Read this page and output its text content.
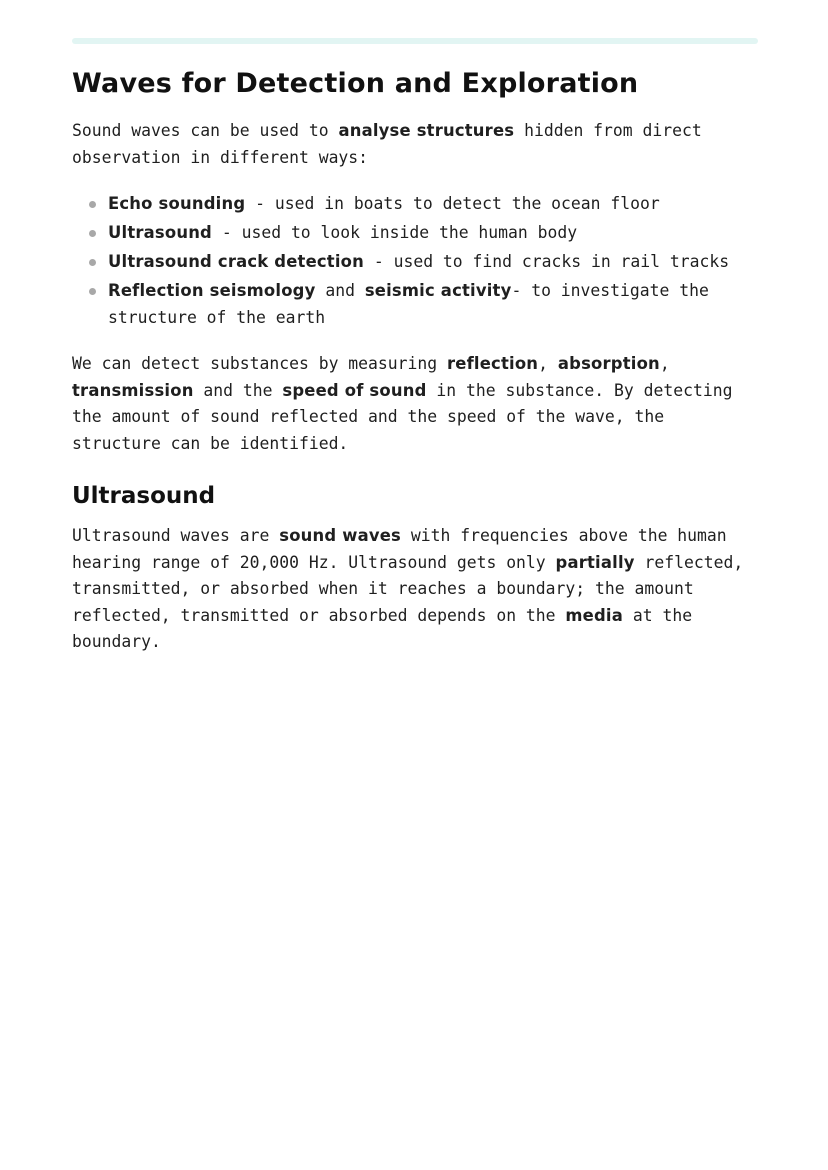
Waves for Detection and Exploration

Sound waves can be used to analyse structures hidden from direct observation in different ways:

Echo sounding - used in boats to detect the ocean floor
Ultrasound - used to look inside the human body
Ultrasound crack detection - used to find cracks in rail tracks
Reflection seismology and seismic activity- to investigate the structure of the earth

We can detect substances by measuring reflection, absorption, transmission and the speed of sound in the substance. By detecting the amount of sound reflected and the speed of the wave, the structure can be identified.

Ultrasound

Ultrasound waves are sound waves with frequencies above the human hearing range of 20,000 Hz. Ultrasound gets only partially reflected, transmitted, or absorbed when it reaches a boundary; the amount reflected, transmitted or absorbed depends on the media at the boundary.
